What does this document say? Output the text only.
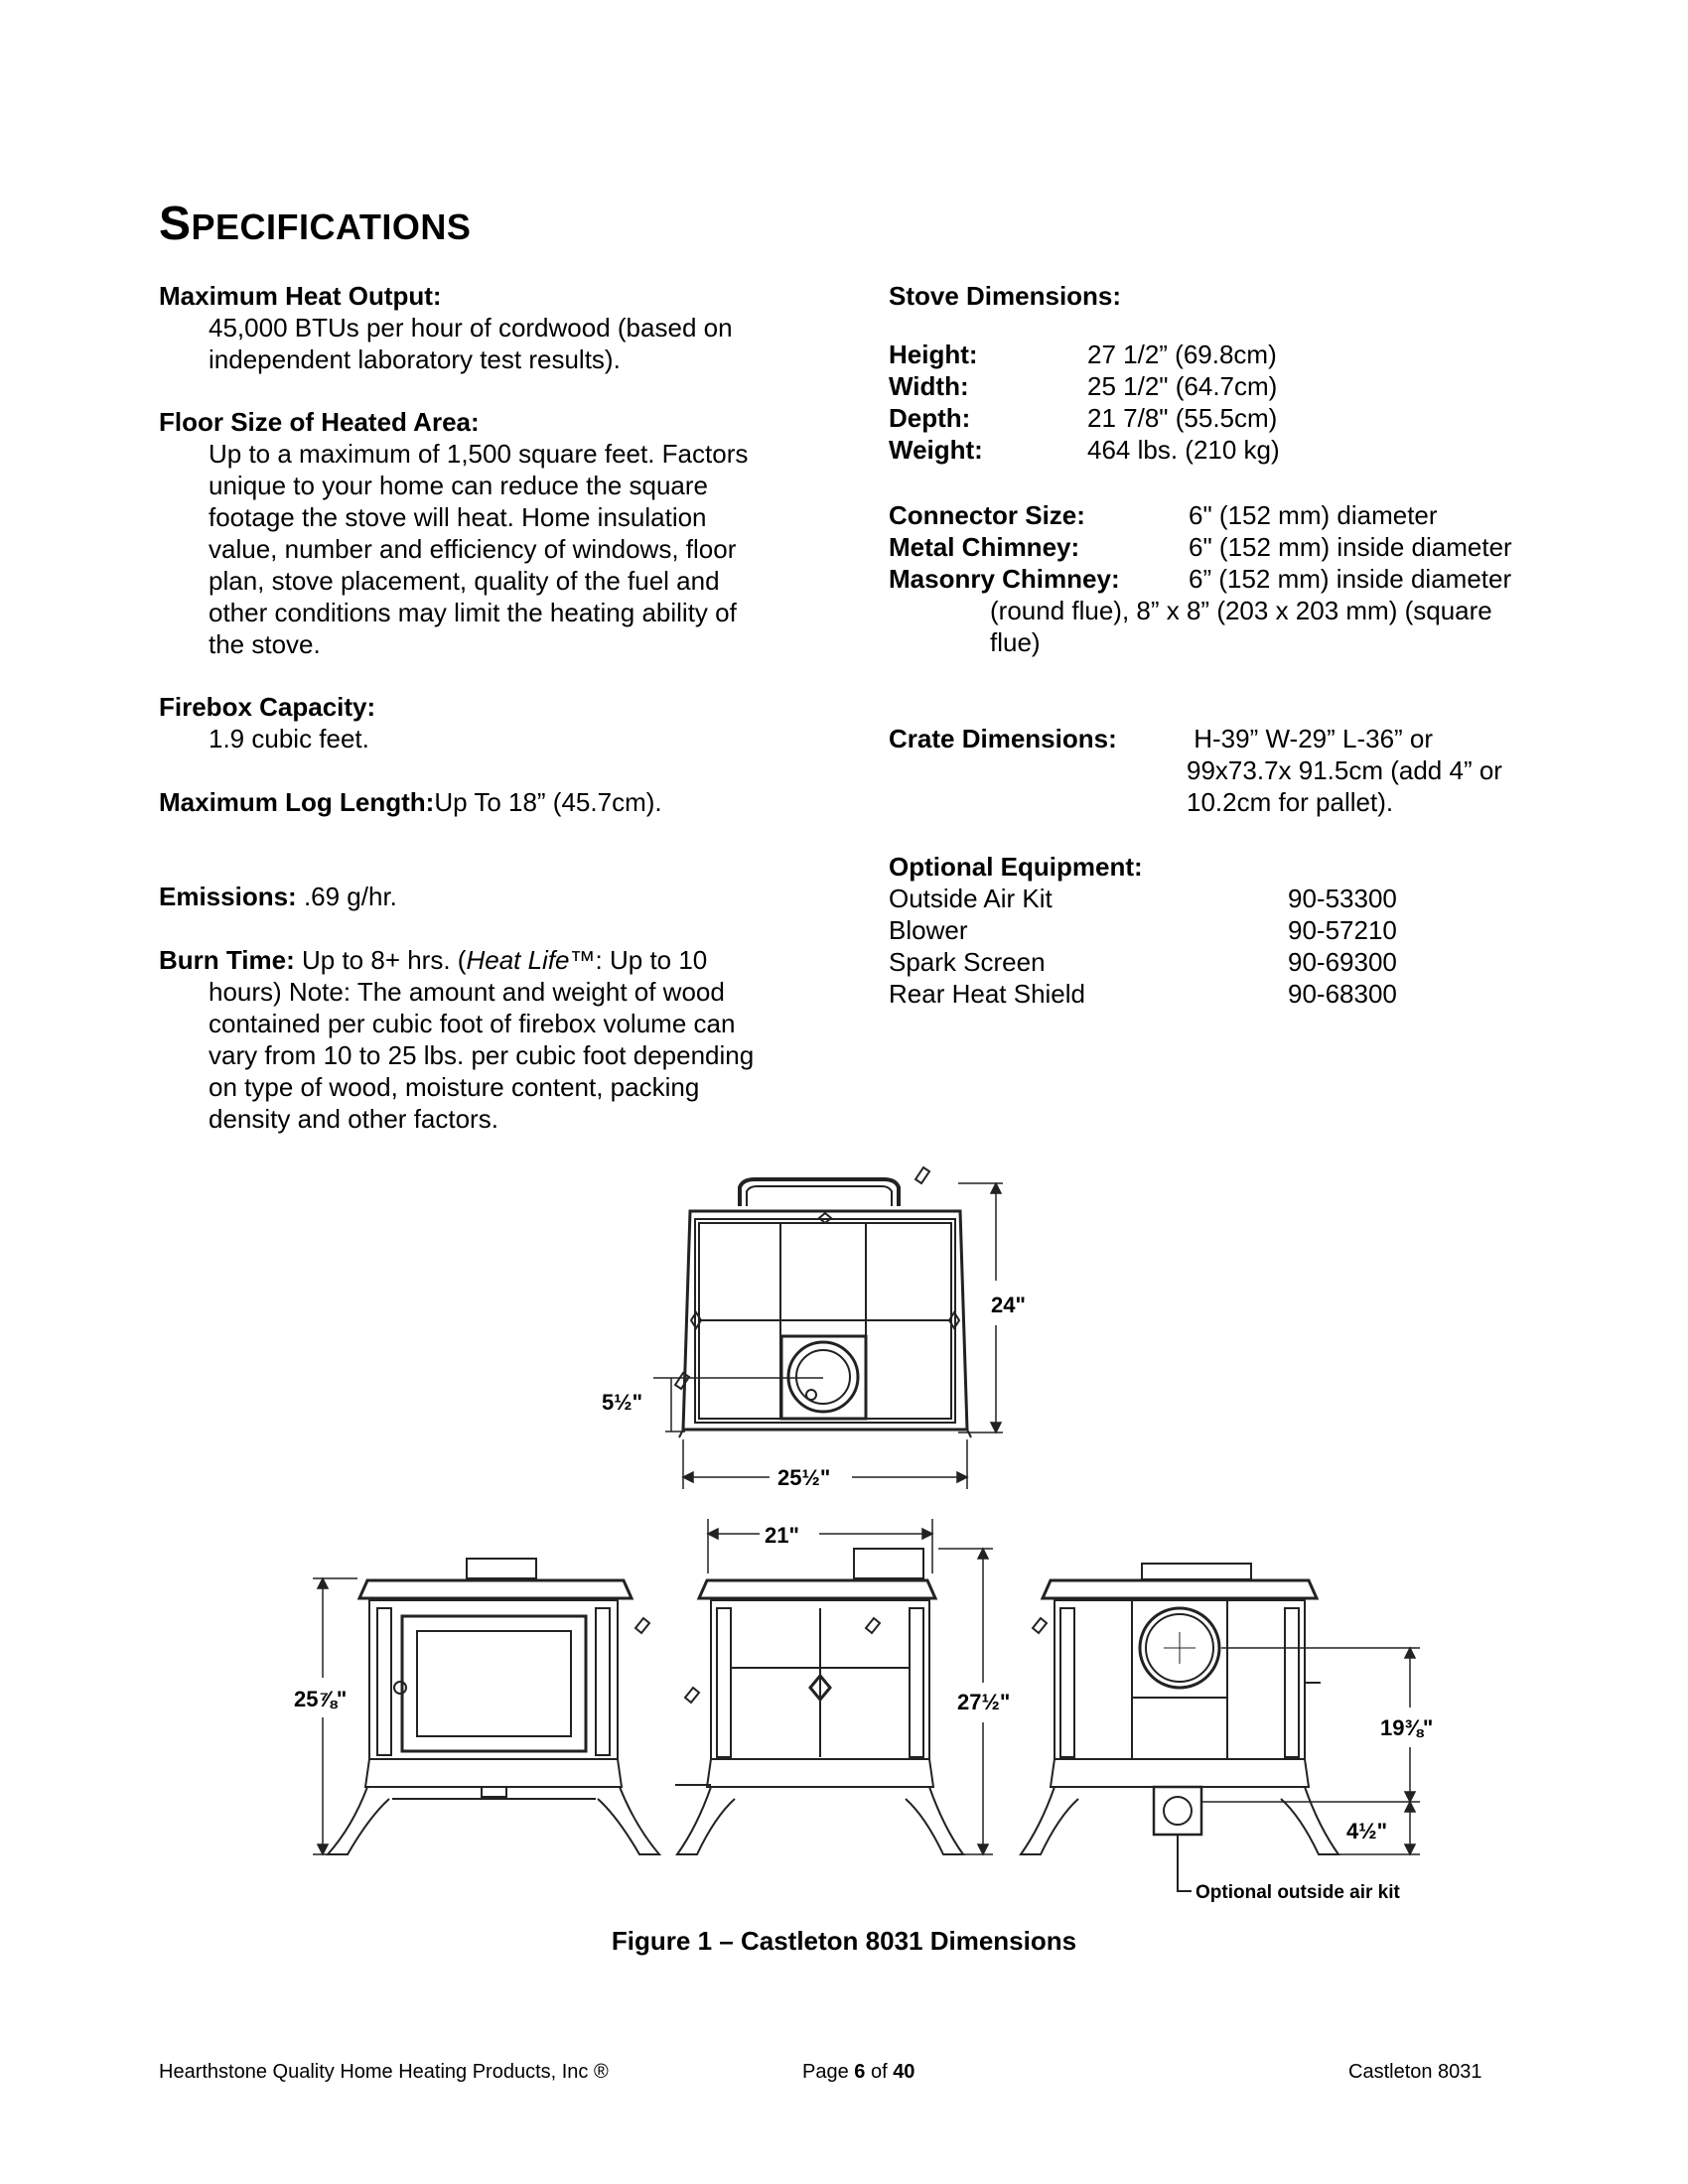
SPECIFICATIONS
Maximum Heat Output:
45,000 BTUs per hour of cordwood (based on
independent laboratory test results).
Floor Size of Heated Area:
Up to a maximum of 1,500 square feet. Factors
unique to your home can reduce the square
footage the stove will heat. Home insulation
value, number and efficiency of windows, floor
plan, stove placement, quality of the fuel and
other conditions may limit the heating ability of
the stove.
Firebox Capacity:
1.9 cubic feet.
Maximum Log Length:Up To 18” (45.7cm).
Emissions: .69 g/hr.
Burn Time: Up to 8+ hrs. (Heat Life™: Up to 10
hours) Note: The amount and weight of wood
contained per cubic foot of firebox volume can
vary from 10 to 25 lbs. per cubic foot depending
on type of wood, moisture content, packing
density and other factors.
Stove Dimensions:
Height:	27 1/2” (69.8cm)
Width:	25 1/2" (64.7cm)
Depth:	21 7/8" (55.5cm)
Weight:	464 lbs. (210 kg)
Connector Size:	6" (152 mm) diameter
Metal Chimney:	6" (152 mm) inside diameter
Masonry Chimney:	6” (152 mm) inside diameter
(round flue), 8” x 8” (203 x 203 mm) (square
flue)
Crate Dimensions:	H-39” W-29” L-36” or
99x73.7x 91.5cm (add 4” or
10.2cm for pallet).
Optional Equipment:
Outside Air Kit	90-53300
Blower	90-57210
Spark Screen	90-69300
Rear Heat Shield	90-68300
24"
5½"
25½"
25⅞"
21"
27½"
19⅜"
4½"
Optional outside air kit
Figure 1 – Castleton 8031 Dimensions
Hearthstone Quality Home Heating Products, Inc ®	Page 6 of 40	Castleton 8031
